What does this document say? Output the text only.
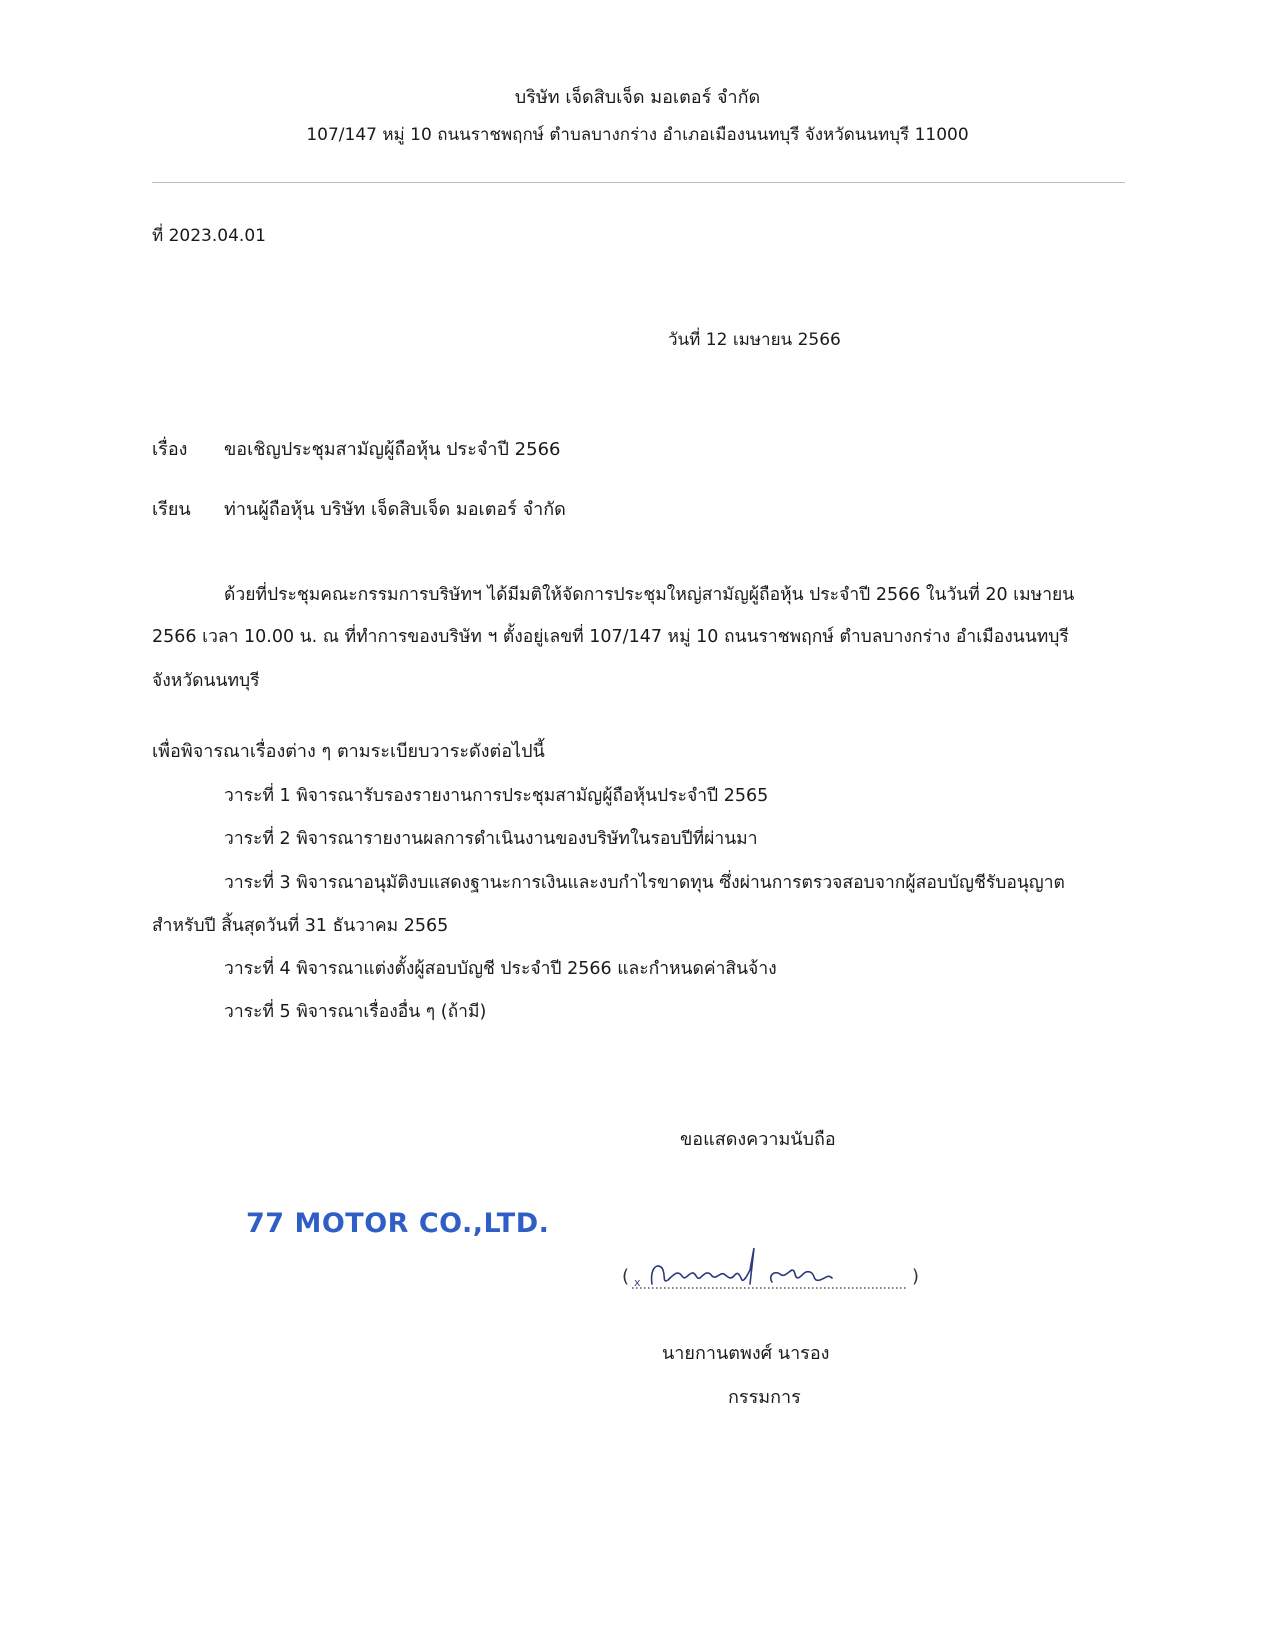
บริษัท เจ็ดสิบเจ็ด มอเตอร์ จำกัด
107/147 หมู่ 10 ถนนราชพฤกษ์ ตำบลบางกร่าง อำเภอเมืองนนทบุรี จังหวัดนนทบุรี 11000
ที่ 2023.04.01
วันที่ 12 เมษายน 2566
เรื่อง ขอเชิญประชุมสามัญผู้ถือหุ้น ประจำปี 2566
เรียน ท่านผู้ถือหุ้น บริษัท เจ็ดสิบเจ็ด มอเตอร์ จำกัด
ด้วยที่ประชุมคณะกรรมการบริษัทฯ ได้มีมติให้จัดการประชุมใหญ่สามัญผู้ถือหุ้น ประจำปี 2566 ในวันที่ 20 เมษายน
2566 เวลา 10.00 น. ณ ที่ทำการของบริษัท ฯ ตั้งอยู่เลขที่ 107/147 หมู่ 10 ถนนราชพฤกษ์ ตำบลบางกร่าง อำเมืองนนทบุรี
จังหวัดนนทบุรี
เพื่อพิจารณาเรื่องต่าง ๆ ตามระเบียบวาระดังต่อไปนี้
วาระที่ 1 พิจารณารับรองรายงานการประชุมสามัญผู้ถือหุ้นประจำปี 2565
วาระที่ 2 พิจารณารายงานผลการดำเนินงานของบริษัทในรอบปีที่ผ่านมา
วาระที่ 3 พิจารณาอนุมัติงบแสดงฐานะการเงินและงบกำไรขาดทุน ซึ่งผ่านการตรวจสอบจากผู้สอบบัญชีรับอนุญาต
สำหรับปี สิ้นสุดวันที่ 31 ธันวาคม 2565
วาระที่ 4 พิจารณาแต่งตั้งผู้สอบบัญชี ประจำปี 2566 และกำหนดค่าสินจ้าง
วาระที่ 5 พิจารณาเรื่องอื่น ๆ (ถ้ามี)
ขอแสดงความนับถือ
77 MOTOR CO.,LTD.
( x	)
นายกานตพงศ์ นารอง
กรรมการ
